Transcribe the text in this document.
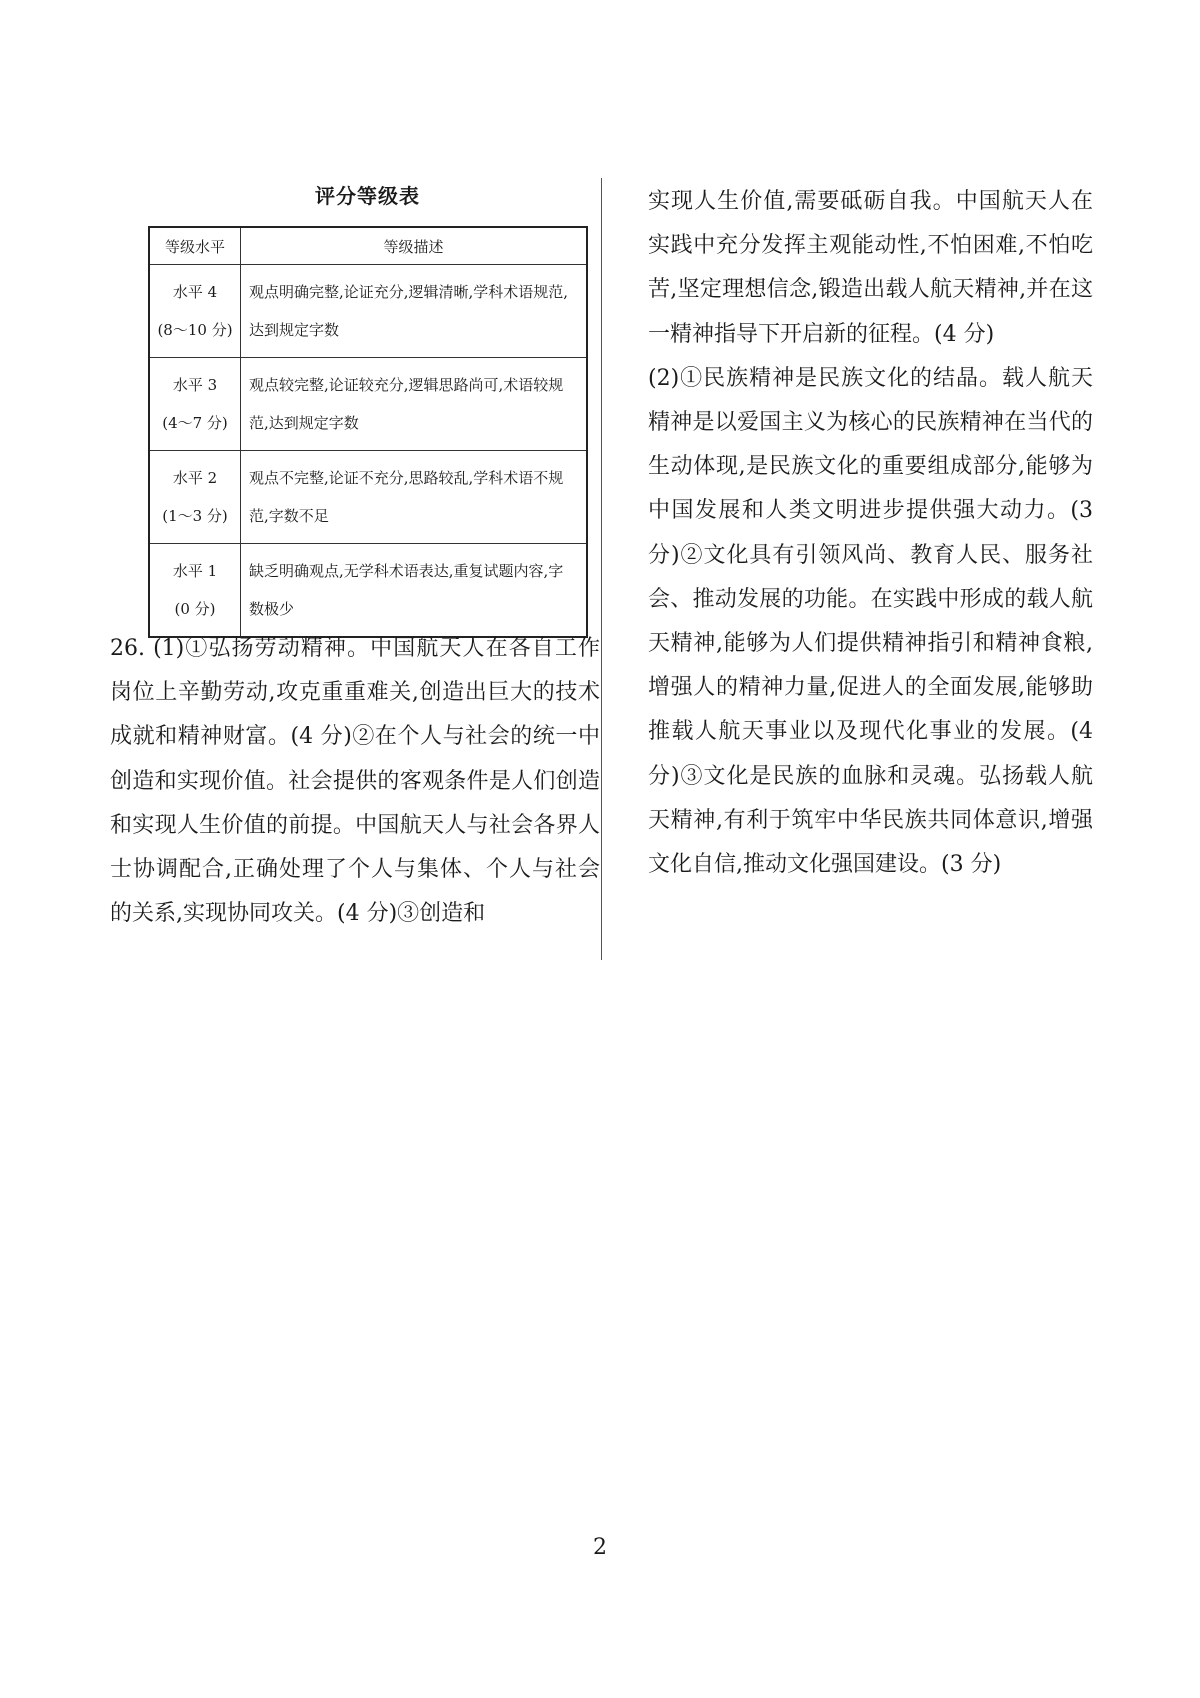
评分等级表
等级水平	等级描述

水平 4
(8～10 分)	观点明确完整,论证充分,逻辑清晰,学科术语规范,达到规定字数

水平 3
(4～7 分)	观点较完整,论证较充分,逻辑思路尚可,术语较规范,达到规定字数

水平 2
(1～3 分)	观点不完整,论证不充分,思路较乱,学科术语不规范,字数不足

水平 1
(0 分)	缺乏明确观点,无学科术语表达,重复试题内容,字数极少
26. (1)①弘扬劳动精神。中国航天人在各自工作岗位上辛勤劳动,攻克重重难关,创造出巨大的技术成就和精神财富。(4 分)②在个人与社会的统一中创造和实现价值。社会提供的客观条件是人们创造和实现人生价值的前提。中国航天人与社会各界人士协调配合,正确处理了个人与集体、个人与社会的关系,实现协同攻关。(4 分)③创造和

实现人生价值,需要砥砺自我。中国航天人在实践中充分发挥主观能动性,不怕困难,不怕吃苦,坚定理想信念,锻造出载人航天精神,并在这一精神指导下开启新的征程。(4 分)

(2)①民族精神是民族文化的结晶。载人航天精神是以爱国主义为核心的民族精神在当代的生动体现,是民族文化的重要组成部分,能够为中国发展和人类文明进步提供强大动力。(3 分)②文化具有引领风尚、教育人民、服务社会、推动发展的功能。在实践中形成的载人航天精神,能够为人们提供精神指引和精神食粮,增强人的精神力量,促进人的全面发展,能够助推载人航天事业以及现代化事业的发展。(4 分)③文化是民族的血脉和灵魂。弘扬载人航天精神,有利于筑牢中华民族共同体意识,增强文化自信,推动文化强国建设。(3 分)

2
